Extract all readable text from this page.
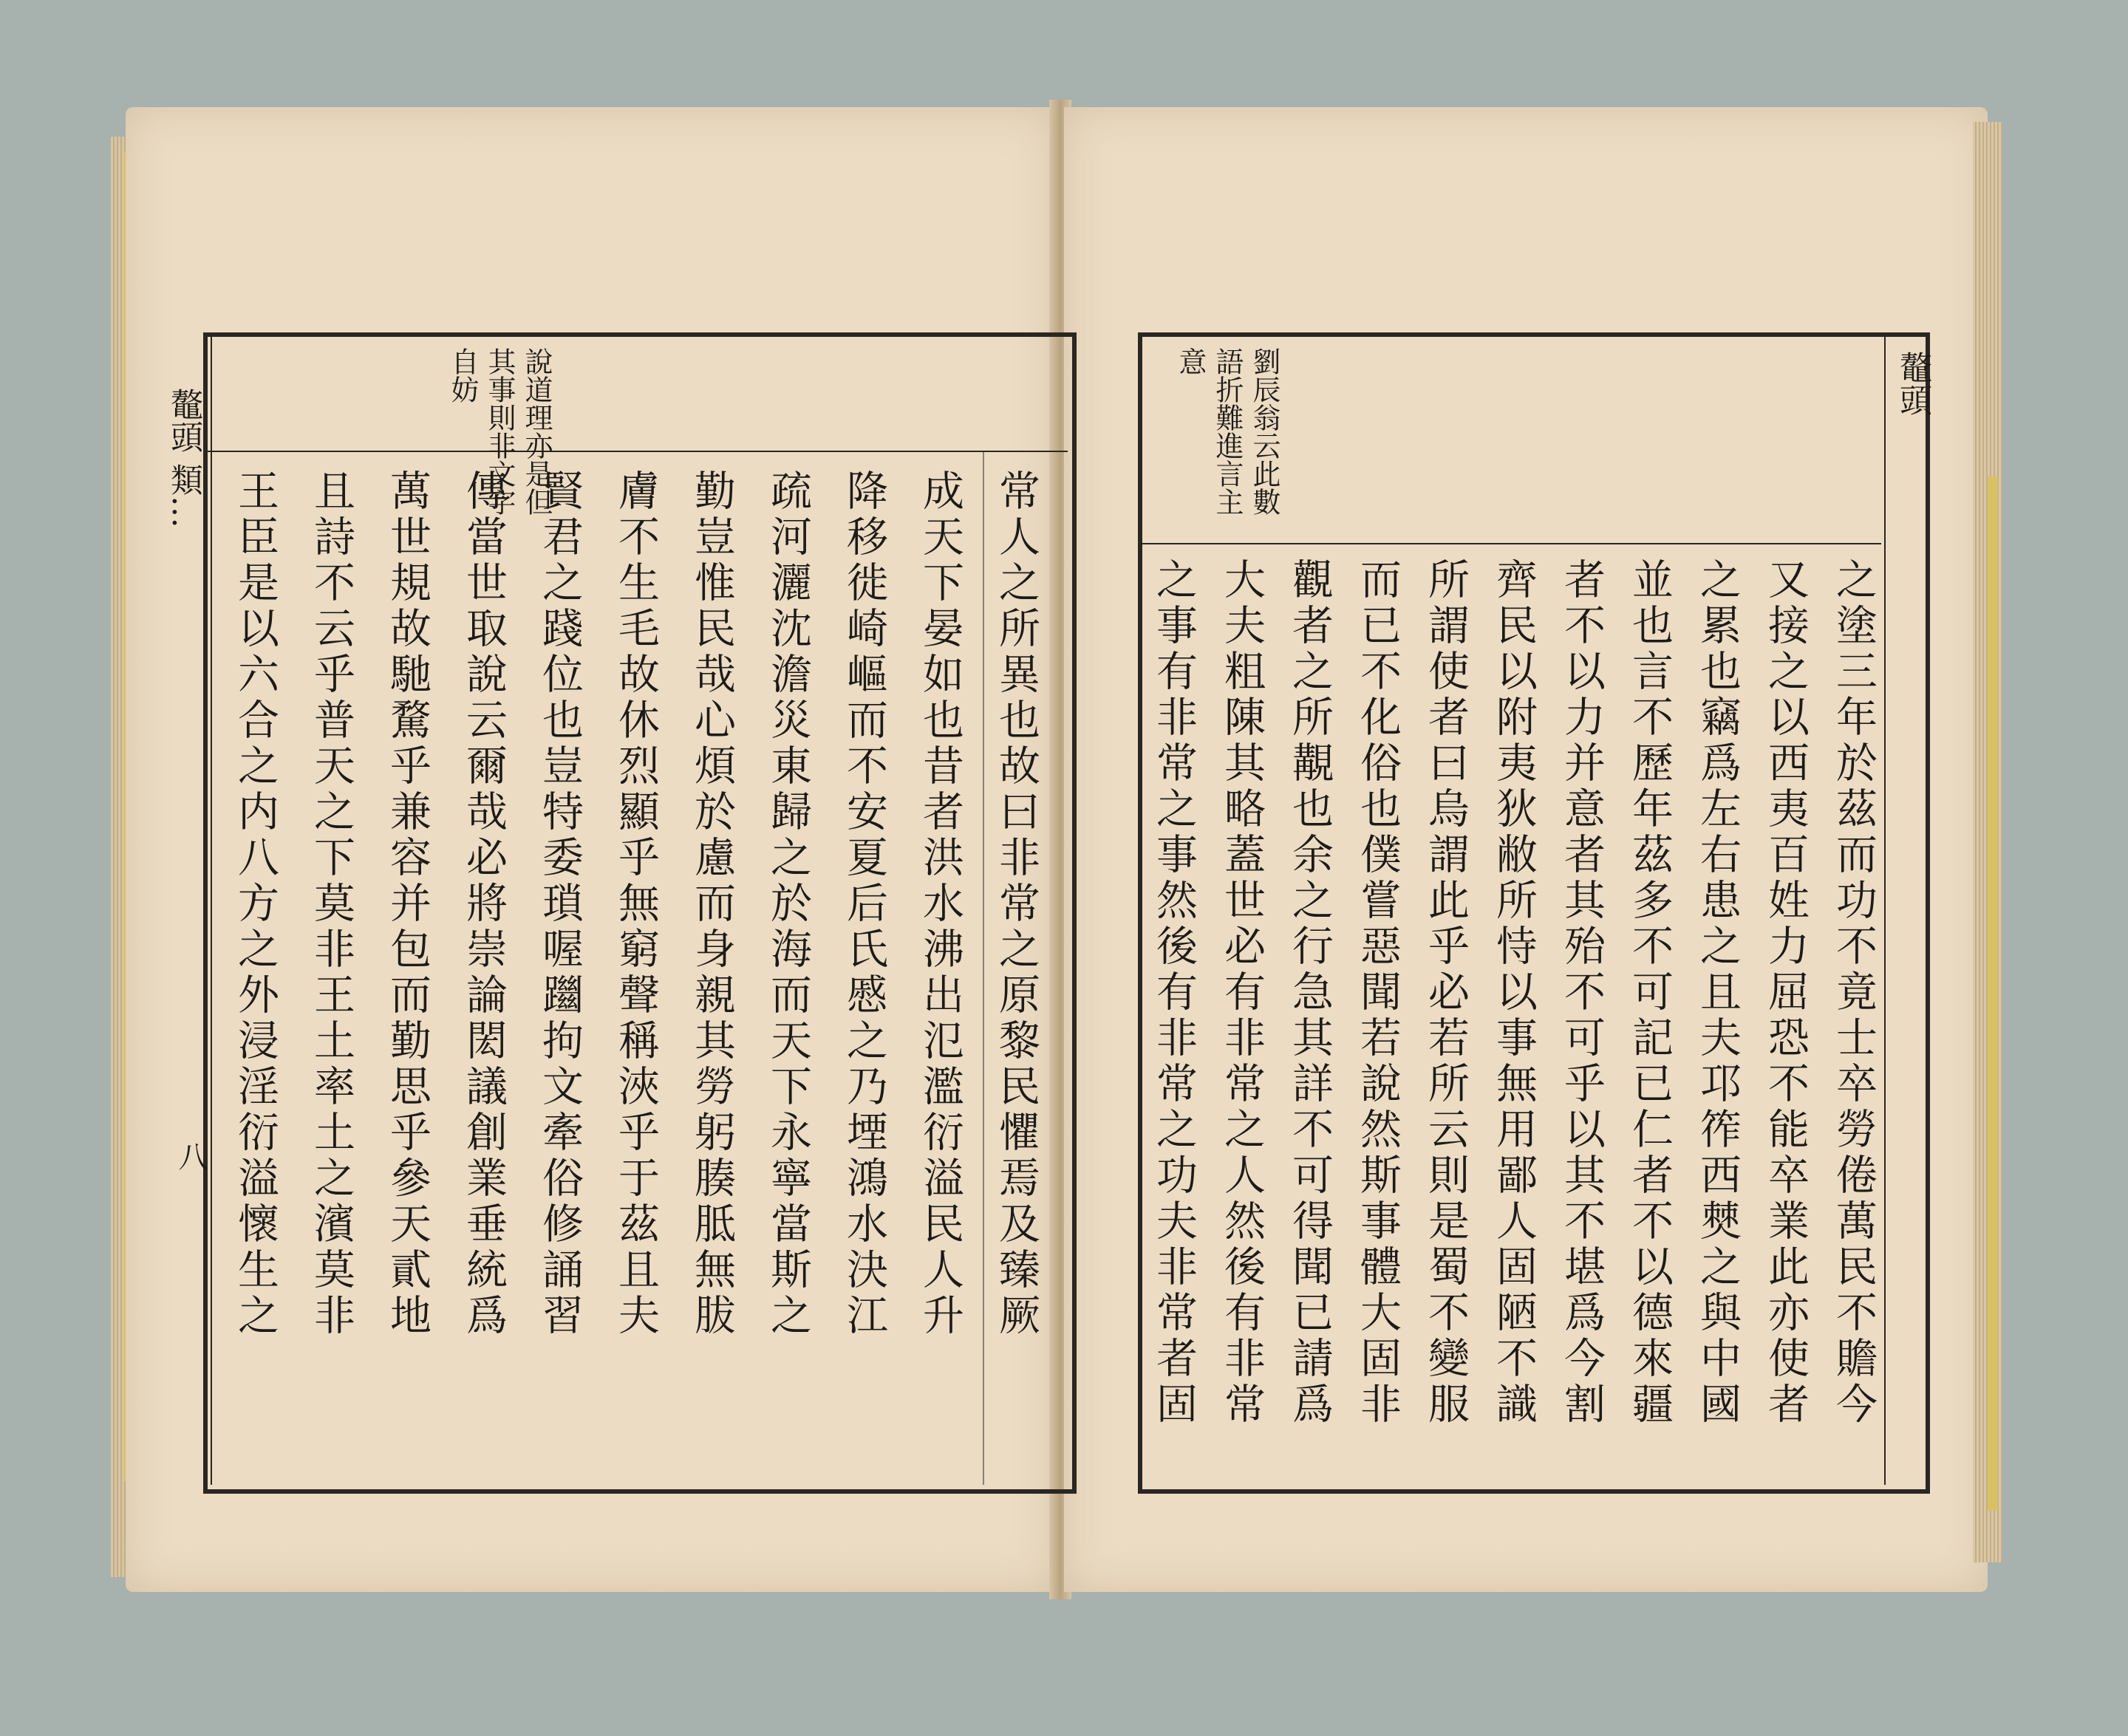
鼇頭 類…
八
說道理亦是但
其事則非文字
自妨
常人之所異也故曰非常之原黎民懼焉及臻厥
成天下晏如也昔者洪水沸出氾濫衍溢民人升
降移徙崎嶇而不安夏后氏慼之乃堙鴻水決江
疏河灑沈澹災東歸之於海而天下永寧當斯之
勤豈惟民哉心煩於慮而身親其勞躬腠胝無胈
膚不生毛故休烈顯乎無窮聲稱浹乎于茲且夫
賢君之踐位也豈特委瑣喔躖拘文牽俗修誦習
傳當世取說云爾哉必將崇論閎議創業垂統爲
萬世規故馳騖乎兼容并包而勤思乎參天貳地
且詩不云乎普天之下莫非王土率土之濱莫非
王臣是以六合之内八方之外浸淫衍溢懷生之
鼇頭
劉辰翁云此數
語折難進言主
意
之塗三年於茲而功不竟士卒勞倦萬民不贍今
又接之以西夷百姓力屈恐不能卒業此亦使者
之累也竊爲左右患之且夫邛筰西僰之與中國
並也言不歷年茲多不可記已仁者不以德來疆
者不以力并意者其殆不可乎以其不堪爲今割
齊民以附夷狄敝所恃以事無用鄙人固陋不識
所謂使者曰烏謂此乎必若所云則是蜀不變服
而已不化俗也僕嘗惡聞若說然斯事體大固非
觀者之所覯也余之行急其詳不可得聞已請爲
大夫粗陳其略蓋世必有非常之人然後有非常
之事有非常之事然後有非常之功夫非常者固
